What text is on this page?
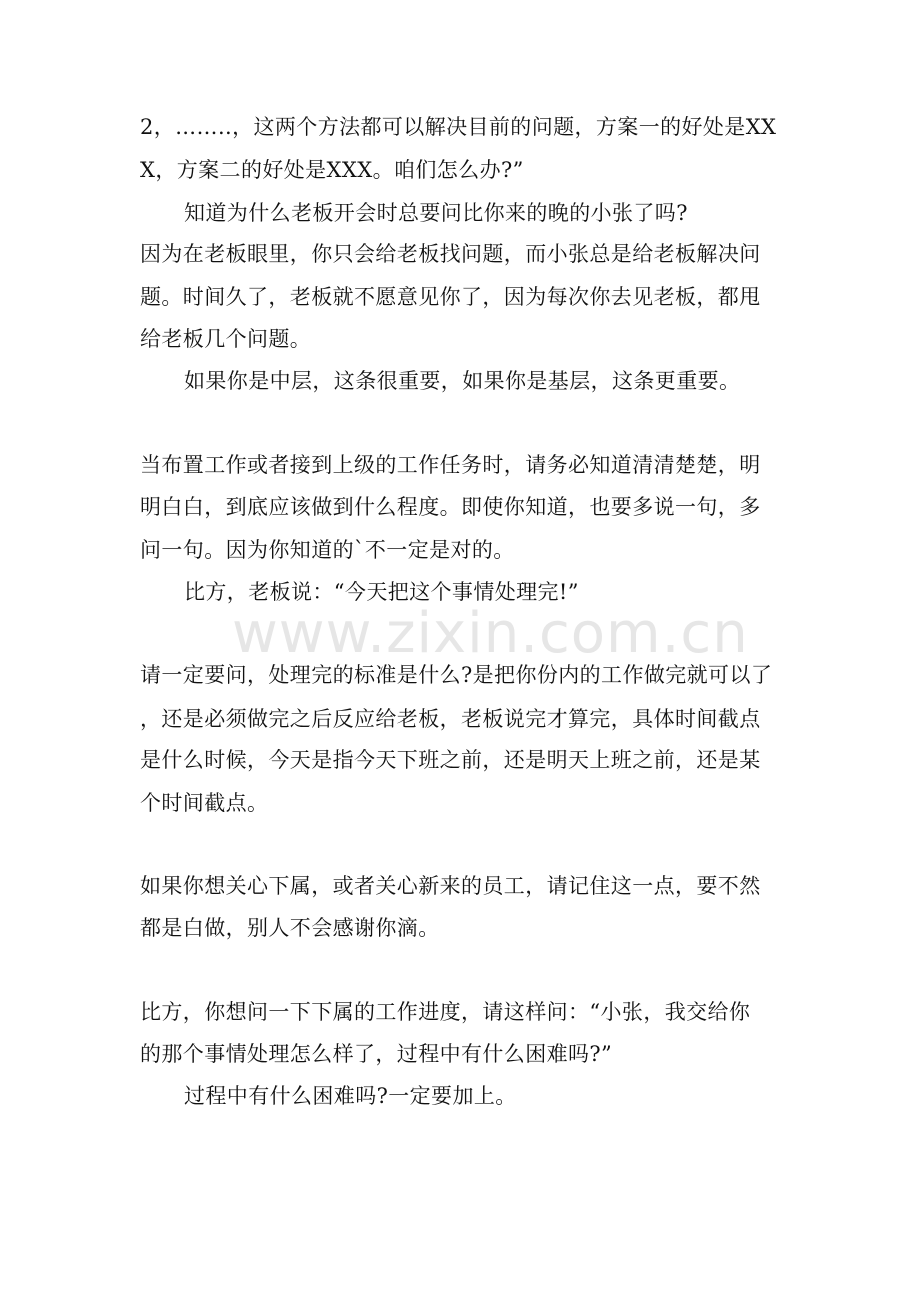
www.zixin.com.cn
2，……..，这两个方法都可以解决目前的问题，方案一的好处是XX
X，方案二的好处是XXX。咱们怎么办?”
知道为什么老板开会时总要问比你来的晚的小张了吗?
因为在老板眼里，你只会给老板找问题，而小张总是给老板解决问
题。时间久了，老板就不愿意见你了，因为每次你去见老板，都甩
给老板几个问题。
如果你是中层，这条很重要，如果你是基层，这条更重要。
当布置工作或者接到上级的工作任务时，请务必知道清清楚楚，明
明白白，到底应该做到什么程度。即使你知道，也要多说一句，多
问一句。因为你知道的`不一定是对的。
比方，老板说：“今天把这个事情处理完!”
请一定要问，处理完的标准是什么?是把你份内的工作做完就可以了
，还是必须做完之后反应给老板，老板说完才算完，具体时间截点
是什么时候，今天是指今天下班之前，还是明天上班之前，还是某
个时间截点。
如果你想关心下属，或者关心新来的员工，请记住这一点，要不然
都是白做，别人不会感谢你滴。
比方，你想问一下下属的工作进度，请这样问：“小张，我交给你
的那个事情处理怎么样了，过程中有什么困难吗?”
过程中有什么困难吗?一定要加上。
